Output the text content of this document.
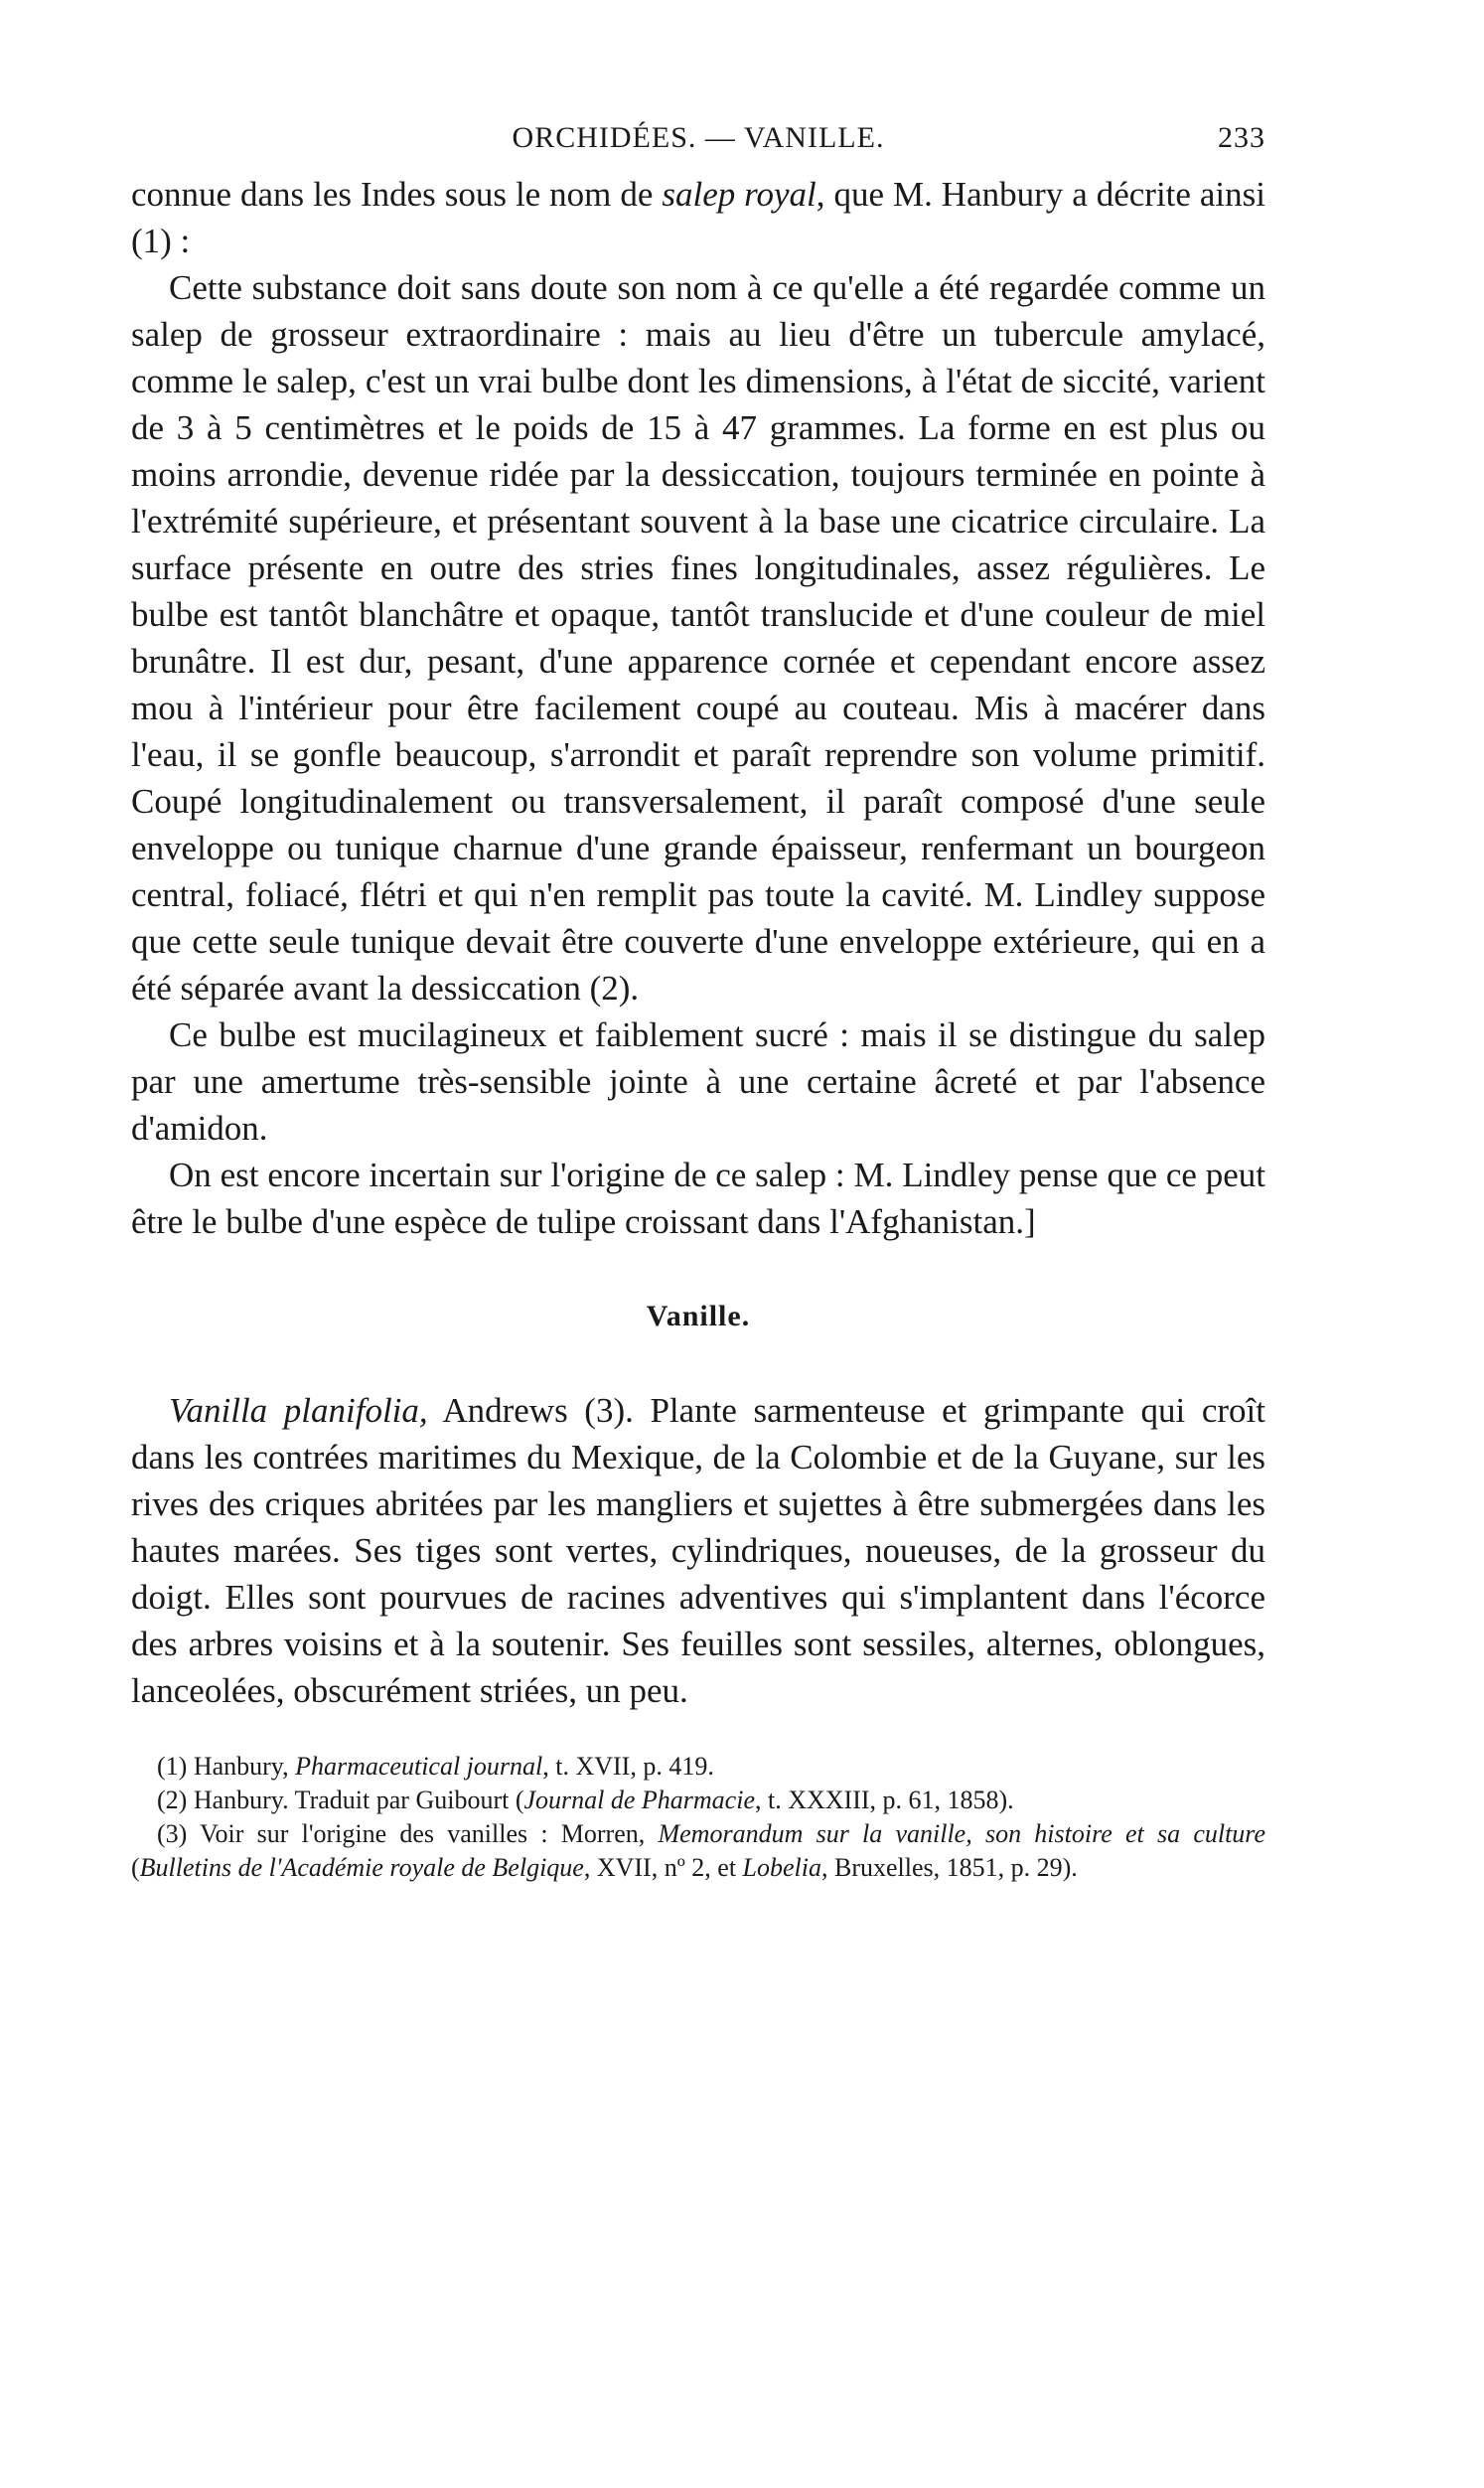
ORCHIDÉES. — VANILLE.	233

connue dans les Indes sous le nom de salep royal, que M. Hanbury a décrite ainsi (1) :

Cette substance doit sans doute son nom à ce qu'elle a été regardée comme un salep de grosseur extraordinaire : mais au lieu d'être un tubercule amylacé, comme le salep, c'est un vrai bulbe dont les dimensions, à l'état de siccité, varient de 3 à 5 centimètres et le poids de 15 à 47 grammes. La forme en est plus ou moins arrondie, devenue ridée par la dessiccation, toujours terminée en pointe à l'extrémité supérieure, et présentant souvent à la base une cicatrice circulaire. La surface présente en outre des stries fines longitudinales, assez régulières. Le bulbe est tantôt blanchâtre et opaque, tantôt translucide et d'une couleur de miel brunâtre. Il est dur, pesant, d'une apparence cornée et cependant encore assez mou à l'intérieur pour être facilement coupé au couteau. Mis à macérer dans l'eau, il se gonfle beaucoup, s'arrondit et paraît reprendre son volume primitif. Coupé longitudinalement ou transversalement, il paraît composé d'une seule enveloppe ou tunique charnue d'une grande épaisseur, renfermant un bourgeon central, foliacé, flétri et qui n'en remplit pas toute la cavité. M. Lindley suppose que cette seule tunique devait être couverte d'une enveloppe extérieure, qui en a été séparée avant la dessiccation (2).

Ce bulbe est mucilagineux et faiblement sucré : mais il se distingue du salep par une amertume très-sensible jointe à une certaine âcreté et par l'absence d'amidon.

On est encore incertain sur l'origine de ce salep : M. Lindley pense que ce peut être le bulbe d'une espèce de tulipe croissant dans l'Afghanistan.]

Vanille.

Vanilla planifolia, Andrews (3). Plante sarmenteuse et grimpante qui croît dans les contrées maritimes du Mexique, de la Colombie et de la Guyane, sur les rives des criques abritées par les mangliers et sujettes à être submergées dans les hautes marées. Ses tiges sont vertes, cylindriques, noueuses, de la grosseur du doigt. Elles sont pourvues de racines adventives qui s'implantent dans l'écorce des arbres voisins et à la soutenir. Ses feuilles sont sessiles, alternes, oblongues, lanceolées, obscurément striées, un peu.

(1) Hanbury, Pharmaceutical journal, t. XVII, p. 419.

(2) Hanbury. Traduit par Guibourt (Journal de Pharmacie, t. XXXIII, p. 61, 1858).

(3) Voir sur l'origine des vanilles : Morren, Memorandum sur la vanille, son histoire et sa culture (Bulletins de l'Académie royale de Belgique, XVII, nº 2, et Lobelia, Bruxelles, 1851, p. 29).
